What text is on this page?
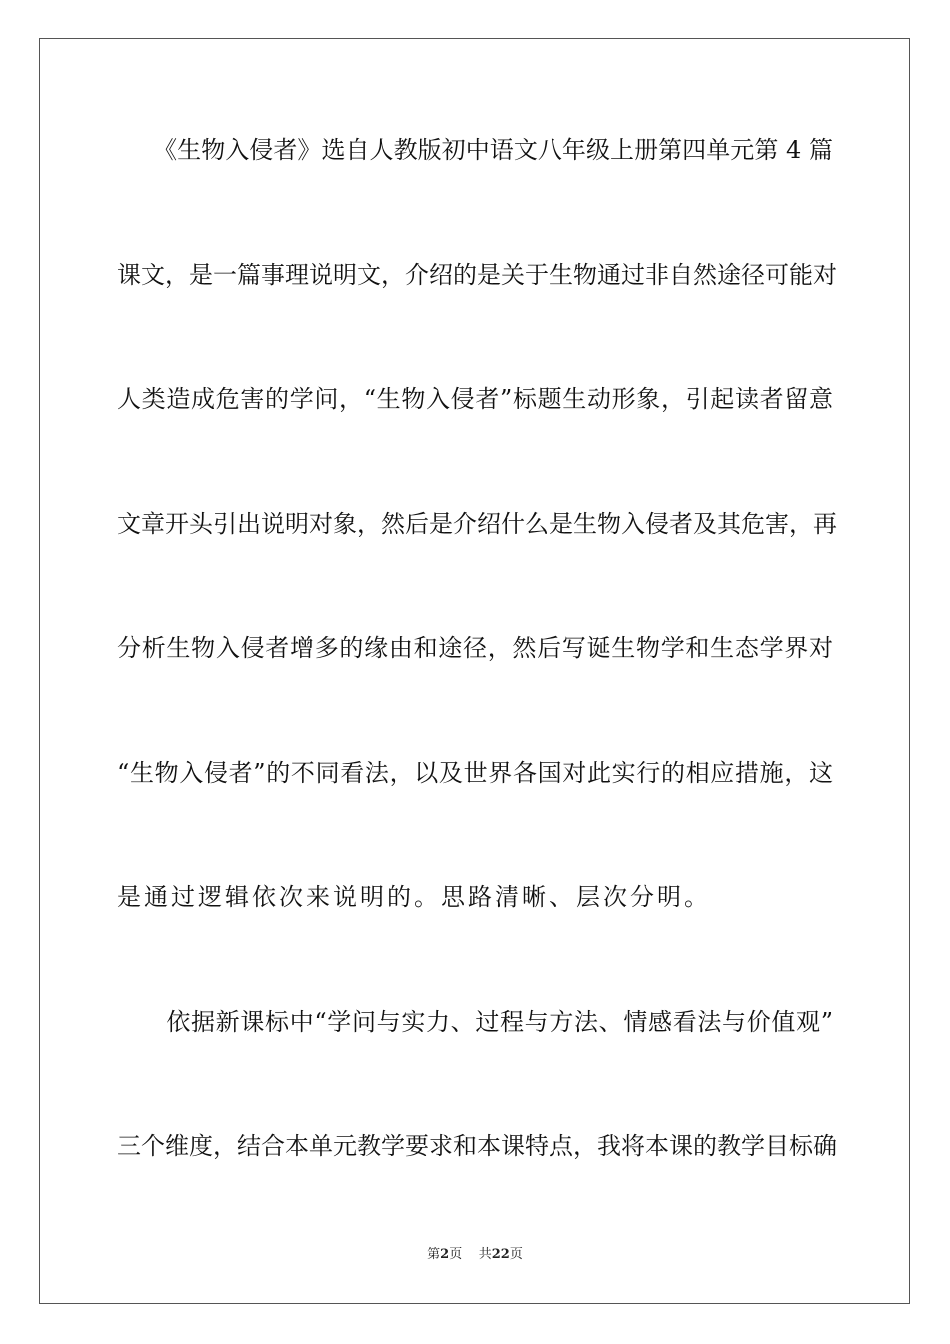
　　《生物入侵者》选自人教版初中语文八年级上册第四单元第 4 篇
课文，是一篇事理说明文，介绍的是关于生物通过非自然途径可能对
人类造成危害的学问，“生物入侵者”标题生动形象，引起读者留意
文章开头引出说明对象，然后是介绍什么是生物入侵者及其危害，再
分析生物入侵者增多的缘由和途径，然后写诞生物学和生态学界对
“生物入侵者”的不同看法，以及世界各国对此实行的相应措施，这
是通过逻辑依次来说明的。思路清晰、层次分明。
　　依据新课标中“学问与实力、过程与方法、情感看法与价值观”
三个维度，结合本单元教学要求和本课特点，我将本课的教学目标确
第2页 共22页
